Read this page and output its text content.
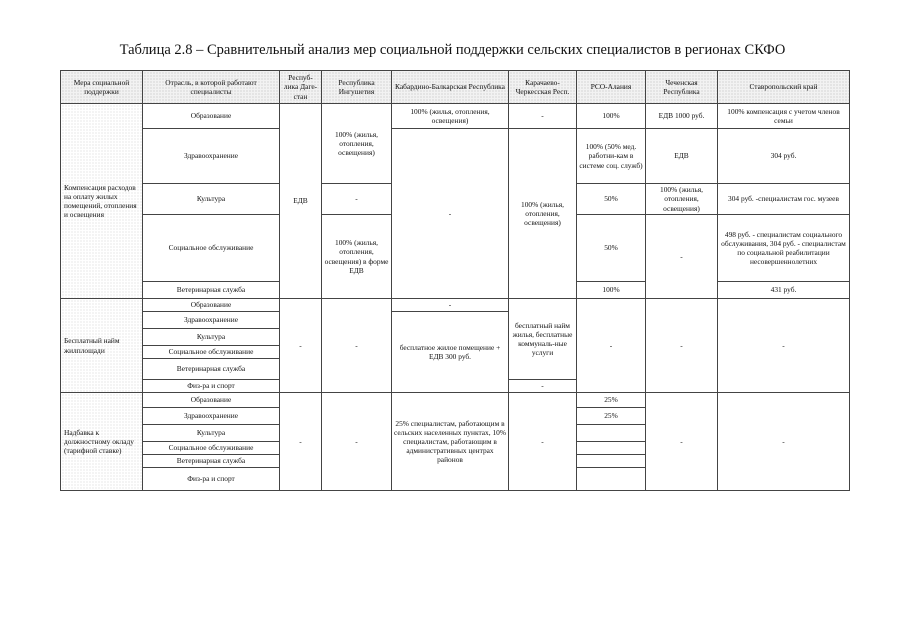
Таблица 2.8 – Сравнительный анализ мер социальной поддержки сельских специалистов в регионах СКФО
Мера социальной поддержки	Отрасль, в которой работают специалисты	Респуб-лика Даге-стан	Республика Ингушетия	Кабардино-Балкарская Республика	Карачаево-Черкесская Респ.	РСО-Алания	Чеченская Республика	Ставропольский край
Компенсация расходов на оплату жилых помещений, отопления и освещения	Образование	ЕДВ	100% (жилья, отопления, освещения)	100% (жилья, отопления, освещения)	-	100%	ЕДВ 1000 руб.	100% компенсация с учетом членов семьи
	Здравоохранение			-	100% (жилья, отопления, освещения)	100% (50% мед. работни-кам в системе соц. служб)	ЕДВ	304 руб.
	Культура		-			50%	100% (жилья, отопления, освещения)	304 руб. -специалистам гос. музеев
	Социальное обслуживание		100% (жилья, отопления, освещения) в форме ЕДВ			50%	-	498 руб. - специалистам социального обслуживания, 304 руб. - специалистам по социальной реабилитации несовершеннолетних
	Ветеринарная служба					100%		431 руб.
Бесплатный найм жилплощади	Образование	-	-	-	бесплатный найм жилья, бесплатные коммуналь-ные услуги	-	-	-
	Здравоохранение			бесплатное жилое помещение + ЕДВ 300 руб.				
	Культура							
	Социальное обслуживание							
	Ветеринарная служба							
	Физ-ра и спорт				-			
Надбавка к должностному окладу (тарифной ставке)	Образование	-	-	25% специалистам, работающим в сельских населенных пунктах, 10% специалистам, работающим в административных центрах районов	-	25%	-	-
	Здравоохранение					25%		
	Культура							
	Социальное обслуживание							
	Ветеринарная служба							
	Физ-ра и спорт							
